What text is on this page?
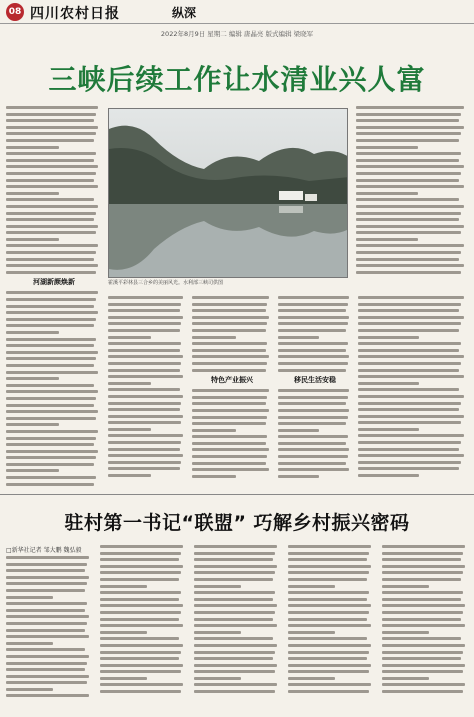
08 四川农村日报	纵深
2022年8月9日 星期二 编辑 唐晶亮 版式编辑 梁晓军
三峡后续工作让水清业兴人富
河湖新颜焕新	霍溪平彩林县三合乡的美丽风光。水利部三峡司供图
特色产业振兴	移民生活安稳
驻村第一书记“联盟” 巧解乡村振兴密码
□新华社记者 邹大鹏 魏弘毅
